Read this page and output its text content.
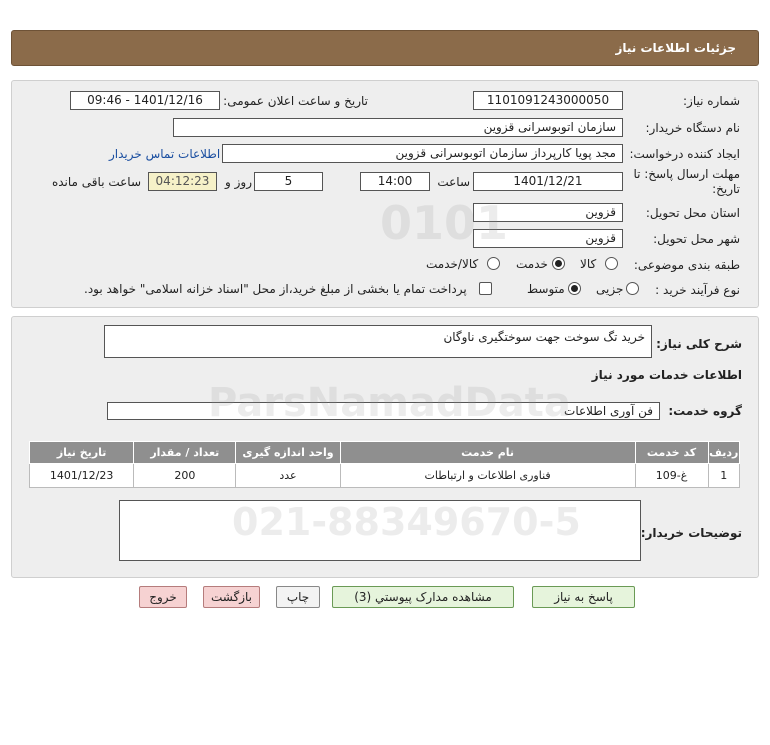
جزئیات اطلاعات نیاز
شماره نیاز:
1101091243000050
تاریخ و ساعت اعلان عمومی:
1401/12/16 - 09:46
نام دستگاه خریدار:
سازمان اتوبوسرانی قزوین
ایجاد کننده درخواست:
مجد پویا کارپرداز سازمان اتوبوسرانی قزوین
اطلاعات تماس خریدار
مهلت ارسال پاسخ: تا
تاریخ:
1401/12/21
ساعت
14:00
5
روز و
04:12:23
ساعت باقی مانده
استان محل تحویل:
قزوین
شهر محل تحویل:
قزوین
طبقه بندی موضوعی:
کالا
خدمت
کالا/خدمت
نوع فرآیند خرید :
جزیی
متوسط
پرداخت تمام یا بخشی از مبلغ خرید،از محل "اسناد خزانه اسلامی" خواهد بود.
شرح کلی نیاز:
خرید تگ سوخت جهت سوختگیری ناوگان
اطلاعات خدمات مورد نیاز
گروه خدمت:
فن آوری اطلاعات
ردیف	کد خدمت	نام خدمت	واحد اندازه گیری	تعداد / مقدار	تاریخ نیاز
1	غ-109	فناوری اطلاعات و ارتباطات	عدد	200	1401/12/23
توضیحات خریدار:
0101
ParsNamadData
021-88349670-5
پاسخ به نیاز
مشاهده مدارک پیوستي (3)
چاپ
بازگشت
خروج
